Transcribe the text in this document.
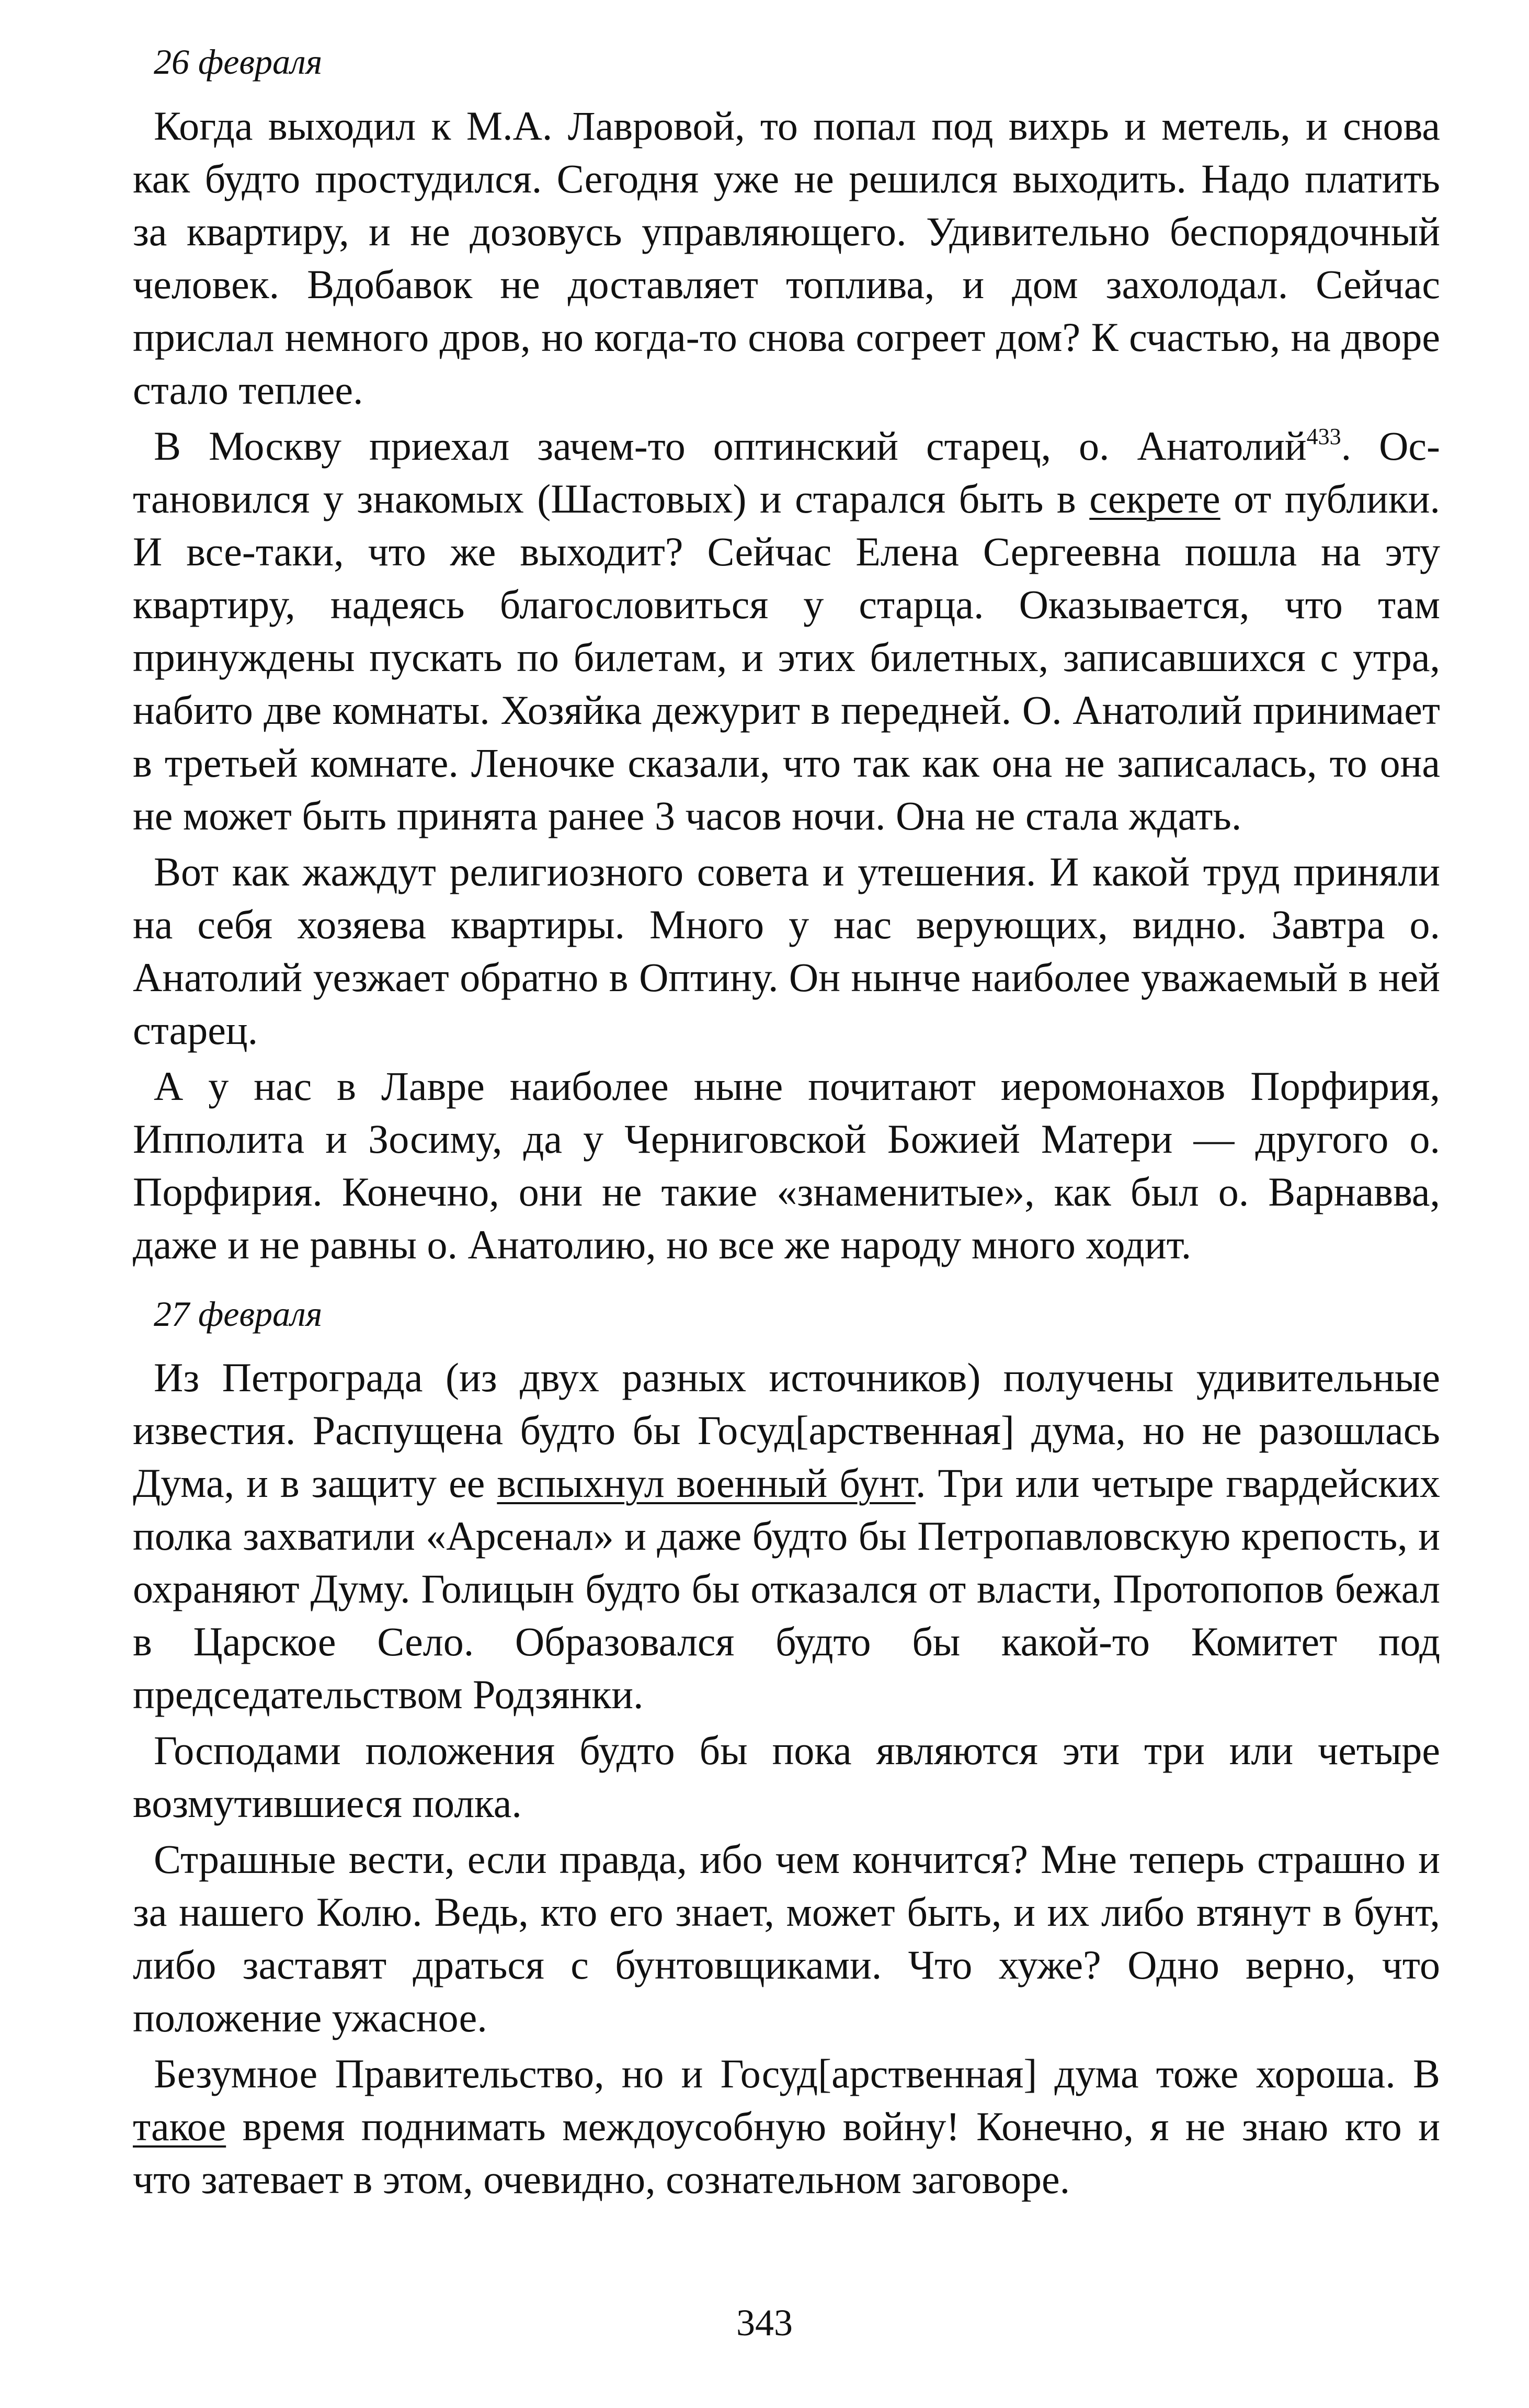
26 февраля

Когда выходил к М.А. Лавровой, то попал под вихрь и метель, и снова как будто простудился. Сегодня уже не решился выходить. Надо платить за квартиру, и не дозовусь управляющего. Удивительно беспорядочный человек. Вдобавок не доставляет топлива, и дом захолодал. Сейчас прислал немного дров, но когда-то снова согреет дом? К счастью, на дворе стало теплее.

В Москву приехал зачем-то оптинский старец, о. Анатолий$^{433}$. Остановился у знакомых (Шастовых) и старался быть в секрете от публики. И все-таки, что же выходит? Сейчас Елена Сергеевна пошла на эту квартиру, надеясь благословиться у старца. Оказывается, что там принуждены пускать по билетам, и этих билетных, записавшихся с утра, набито две комнаты. Хозяйка дежурит в передней. О. Анатолий принимает в третьей комнате. Леночке сказали, что так как она не записалась, то она не может быть принята ранее 3 часов ночи. Она не стала ждать.

Вот как жаждут религиозного совета и утешения. И какой труд приняли на себя хозяева квартиры. Много у нас верующих, видно. Завтра о. Анатолий уезжает обратно в Оптину. Он нынче наиболее уважаемый в ней старец.

А у нас в Лавре наиболее ныне почитают иеромонахов Порфирия, Ипполита и Зосиму, да у Черниговской Божией Матери — другого о. Порфирия. Конечно, они не такие «знаменитые», как был о. Варнавва, даже и не равны о. Анатолию, но все же народу много ходит.

27 февраля

Из Петрограда (из двух разных источников) получены удивительные известия. Распущена будто бы Госуд[арственная] дума, но не разошлась Дума, и в защиту ее вспыхнул военный бунт. Три или четыре гвардейских полка захватили «Арсенал» и даже будто бы Петропавловскую крепость, и охраняют Думу. Голицын будто бы отказался от власти, Протопопов бежал в Царское Село. Образовался будто бы какой-то Комитет под председательством Родзянки.

Господами положения будто бы пока являются эти три или четыре возмутившиеся полка.

Страшные вести, если правда, ибо чем кончится? Мне теперь страшно и за нашего Колю. Ведь, кто его знает, может быть, и их либо втянут в бунт, либо заставят драться с бунтовщиками. Что хуже? Одно верно, что положение ужасное.

Безумное Правительство, но и Госуд[арственная] дума тоже хороша. В такое время поднимать междоусобную войну! Конечно, я не знаю кто и что затевает в этом, очевидно, сознательном заговоре.

343
